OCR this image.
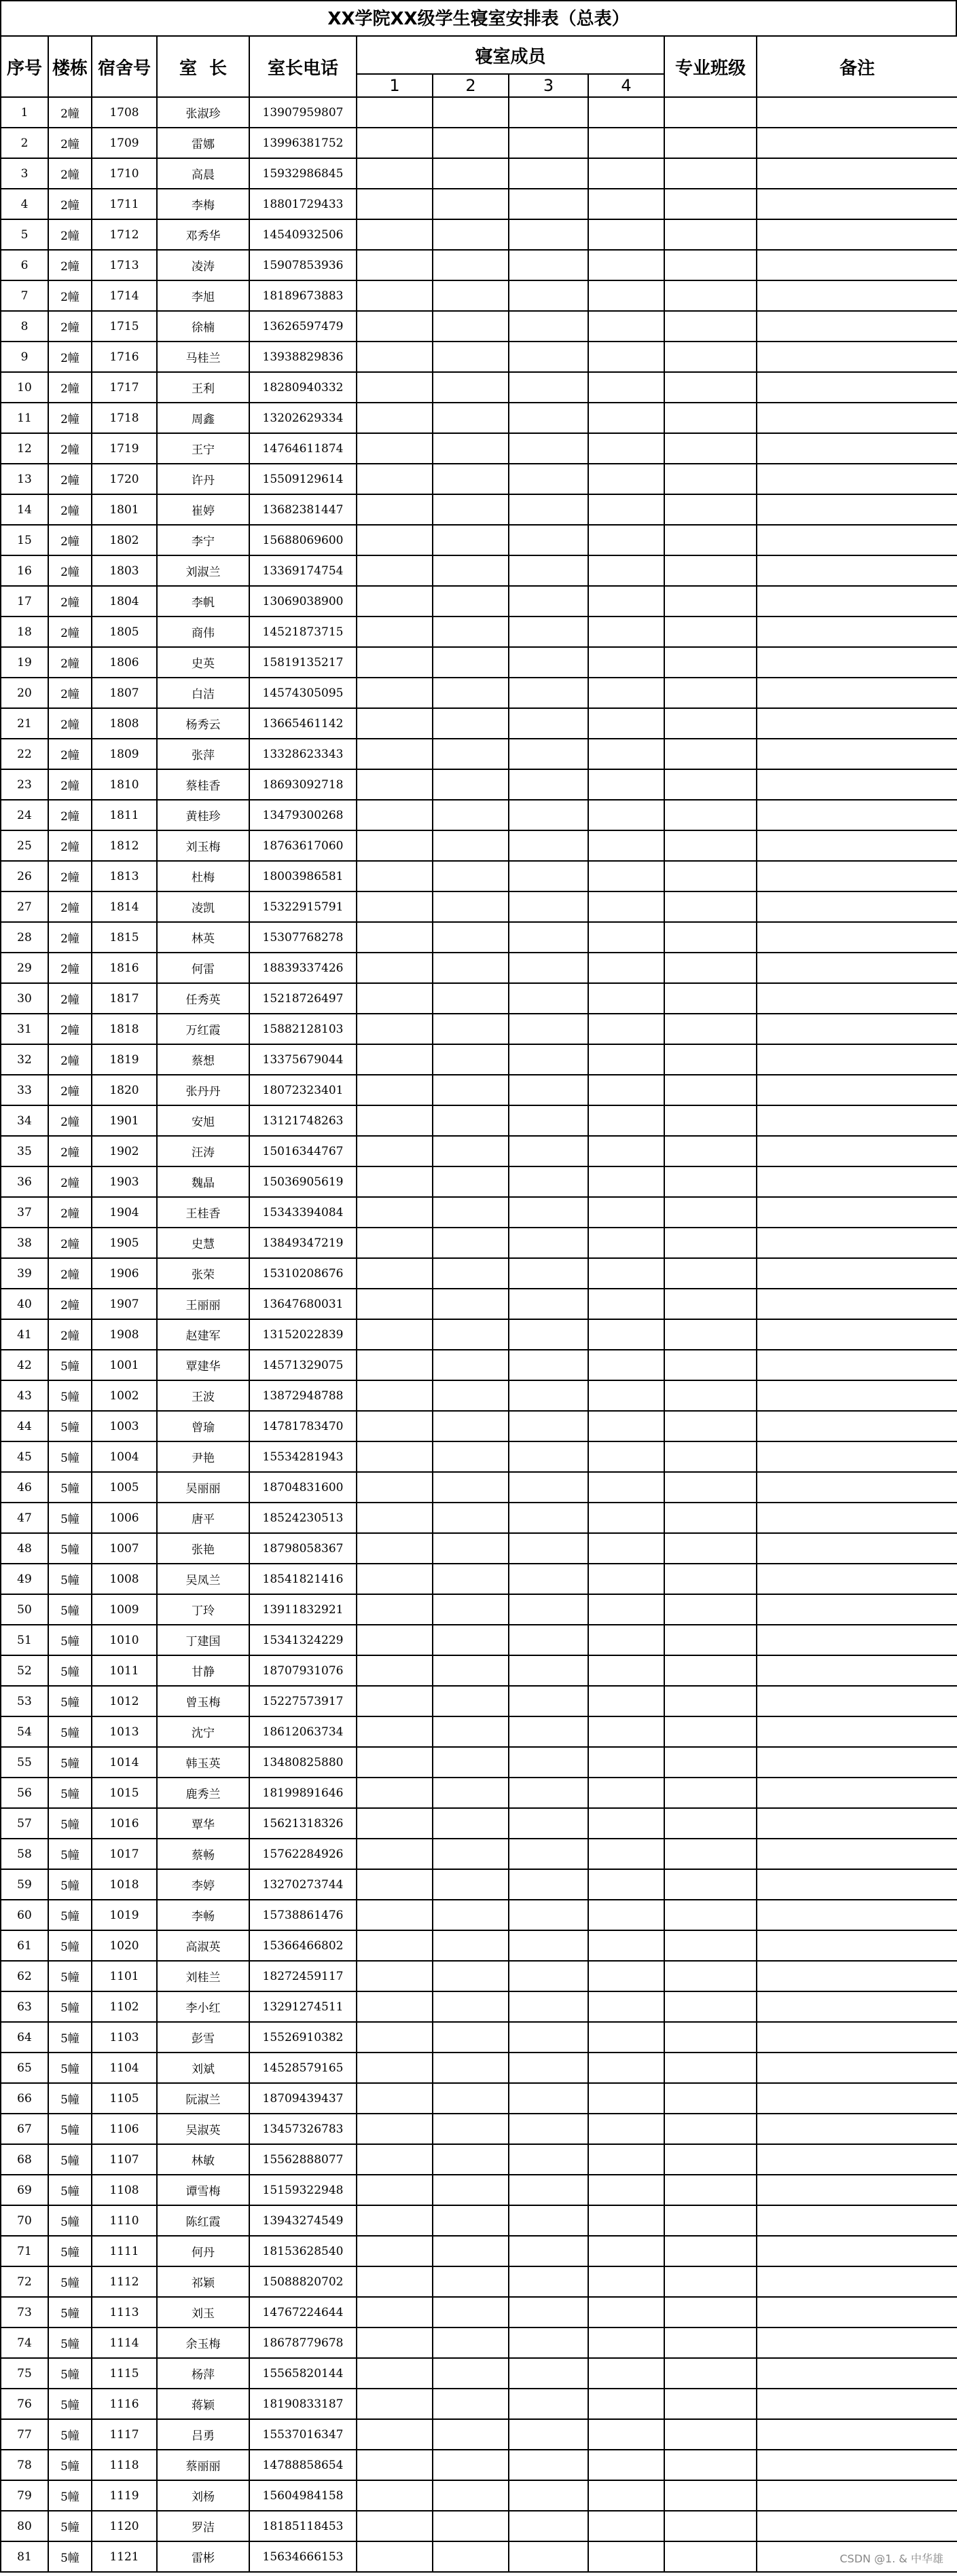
XX学院XX级学生寝室安排表（总表）
序号	楼栋	宿舍号	室  长	室长电话	寝室成员				专业班级	备注
					1	2	3	4		
1	2幢	1708	张淑珍	13907959807						
2	2幢	1709	雷娜	13996381752						
3	2幢	1710	高晨	15932986845						
4	2幢	1711	李梅	18801729433						
5	2幢	1712	邓秀华	14540932506						
6	2幢	1713	凌涛	15907853936						
7	2幢	1714	李旭	18189673883						
8	2幢	1715	徐楠	13626597479						
9	2幢	1716	马桂兰	13938829836						
10	2幢	1717	王利	18280940332						
11	2幢	1718	周鑫	13202629334						
12	2幢	1719	王宁	14764611874						
13	2幢	1720	许丹	15509129614						
14	2幢	1801	崔婷	13682381447						
15	2幢	1802	李宁	15688069600						
16	2幢	1803	刘淑兰	13369174754						
17	2幢	1804	李帆	13069038900						
18	2幢	1805	商伟	14521873715						
19	2幢	1806	史英	15819135217						
20	2幢	1807	白洁	14574305095						
21	2幢	1808	杨秀云	13665461142						
22	2幢	1809	张萍	13328623343						
23	2幢	1810	蔡桂香	18693092718						
24	2幢	1811	黄桂珍	13479300268						
25	2幢	1812	刘玉梅	18763617060						
26	2幢	1813	杜梅	18003986581						
27	2幢	1814	凌凯	15322915791						
28	2幢	1815	林英	15307768278						
29	2幢	1816	何雷	18839337426						
30	2幢	1817	任秀英	15218726497						
31	2幢	1818	万红霞	15882128103						
32	2幢	1819	蔡想	13375679044						
33	2幢	1820	张丹丹	18072323401						
34	2幢	1901	安旭	13121748263						
35	2幢	1902	汪涛	15016344767						
36	2幢	1903	魏晶	15036905619						
37	2幢	1904	王桂香	15343394084						
38	2幢	1905	史慧	13849347219						
39	2幢	1906	张荣	15310208676						
40	2幢	1907	王丽丽	13647680031						
41	2幢	1908	赵建军	13152022839						
42	5幢	1001	覃建华	14571329075						
43	5幢	1002	王波	13872948788						
44	5幢	1003	曾瑜	14781783470						
45	5幢	1004	尹艳	15534281943						
46	5幢	1005	吴丽丽	18704831600						
47	5幢	1006	唐平	18524230513						
48	5幢	1007	张艳	18798058367						
49	5幢	1008	吴凤兰	18541821416						
50	5幢	1009	丁玲	13911832921						
51	5幢	1010	丁建国	15341324229						
52	5幢	1011	甘静	18707931076						
53	5幢	1012	曾玉梅	15227573917						
54	5幢	1013	沈宁	18612063734						
55	5幢	1014	韩玉英	13480825880						
56	5幢	1015	鹿秀兰	18199891646						
57	5幢	1016	覃华	15621318326						
58	5幢	1017	蔡畅	15762284926						
59	5幢	1018	李婷	13270273744						
60	5幢	1019	李畅	15738861476						
61	5幢	1020	高淑英	15366466802						
62	5幢	1101	刘桂兰	18272459117						
63	5幢	1102	李小红	13291274511						
64	5幢	1103	彭雪	15526910382						
65	5幢	1104	刘斌	14528579165						
66	5幢	1105	阮淑兰	18709439437						
67	5幢	1106	吴淑英	13457326783						
68	5幢	1107	林敏	15562888077						
69	5幢	1108	谭雪梅	15159322948						
70	5幢	1110	陈红霞	13943274549						
71	5幢	1111	何丹	18153628540						
72	5幢	1112	祁颖	15088820702						
73	5幢	1113	刘玉	14767224644						
74	5幢	1114	余玉梅	18678779678						
75	5幢	1115	杨萍	15565820144						
76	5幢	1116	蒋颖	18190833187						
77	5幢	1117	吕勇	15537016347						
78	5幢	1118	蔡丽丽	14788858654						
79	5幢	1119	刘杨	15604984158						
80	5幢	1120	罗洁	18185118453						
81	5幢	1121	雷彬	15634666153							CSDN @1. & 中华雄
